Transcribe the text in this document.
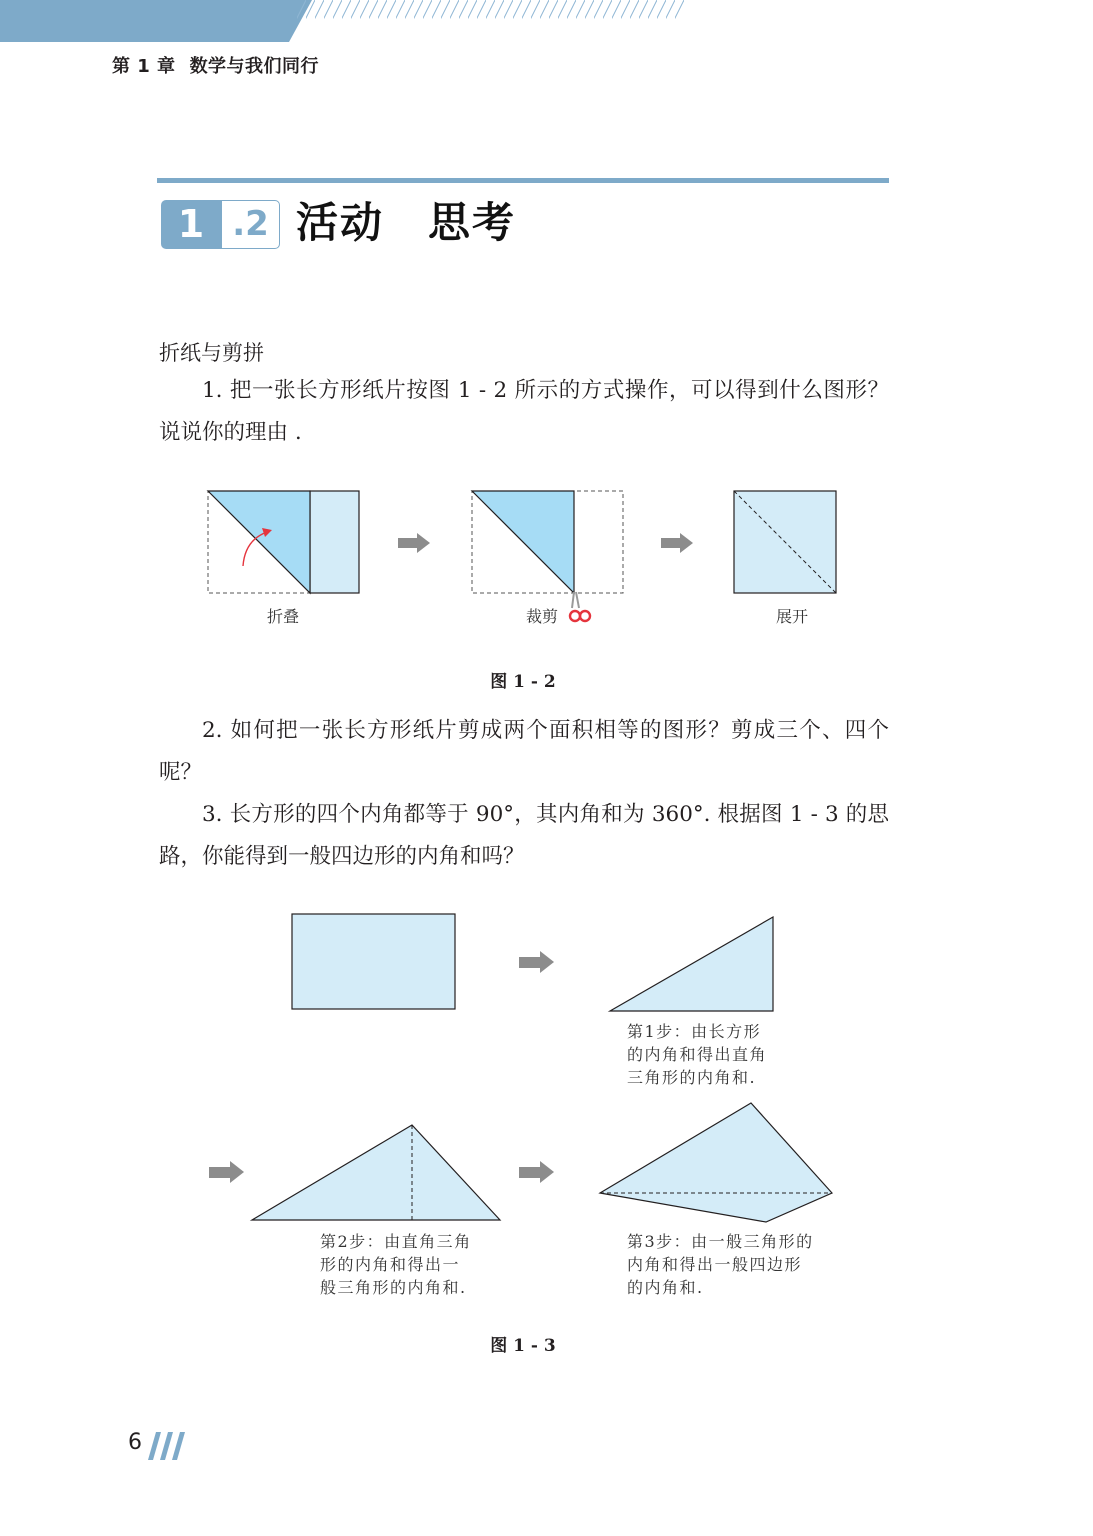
第 1 章 数学与我们同行
1 .2 活动　思考
折纸与剪拼
1. 把一张长方形纸片按图 1 - 2 所示的方式操作，可以得到什么图形？说说你的理由 .
折叠	裁剪	展开
图 1 - 2
2. 如何把一张长方形纸片剪成两个面积相等的图形？剪成三个、四个呢？
3. 长方形的四个内角都等于 90°，其内角和为 360°. 根据图 1 - 3 的思路，你能得到一般四边形的内角和吗？
第1步：由长方形 的内角和得出直角 三角形的内角和.
第2步：由直角三角 形的内角和得出一 般三角形的内角和.
第3步：由一般三角形的 内角和得出一般四边形 的内角和.
图 1 - 3
6
